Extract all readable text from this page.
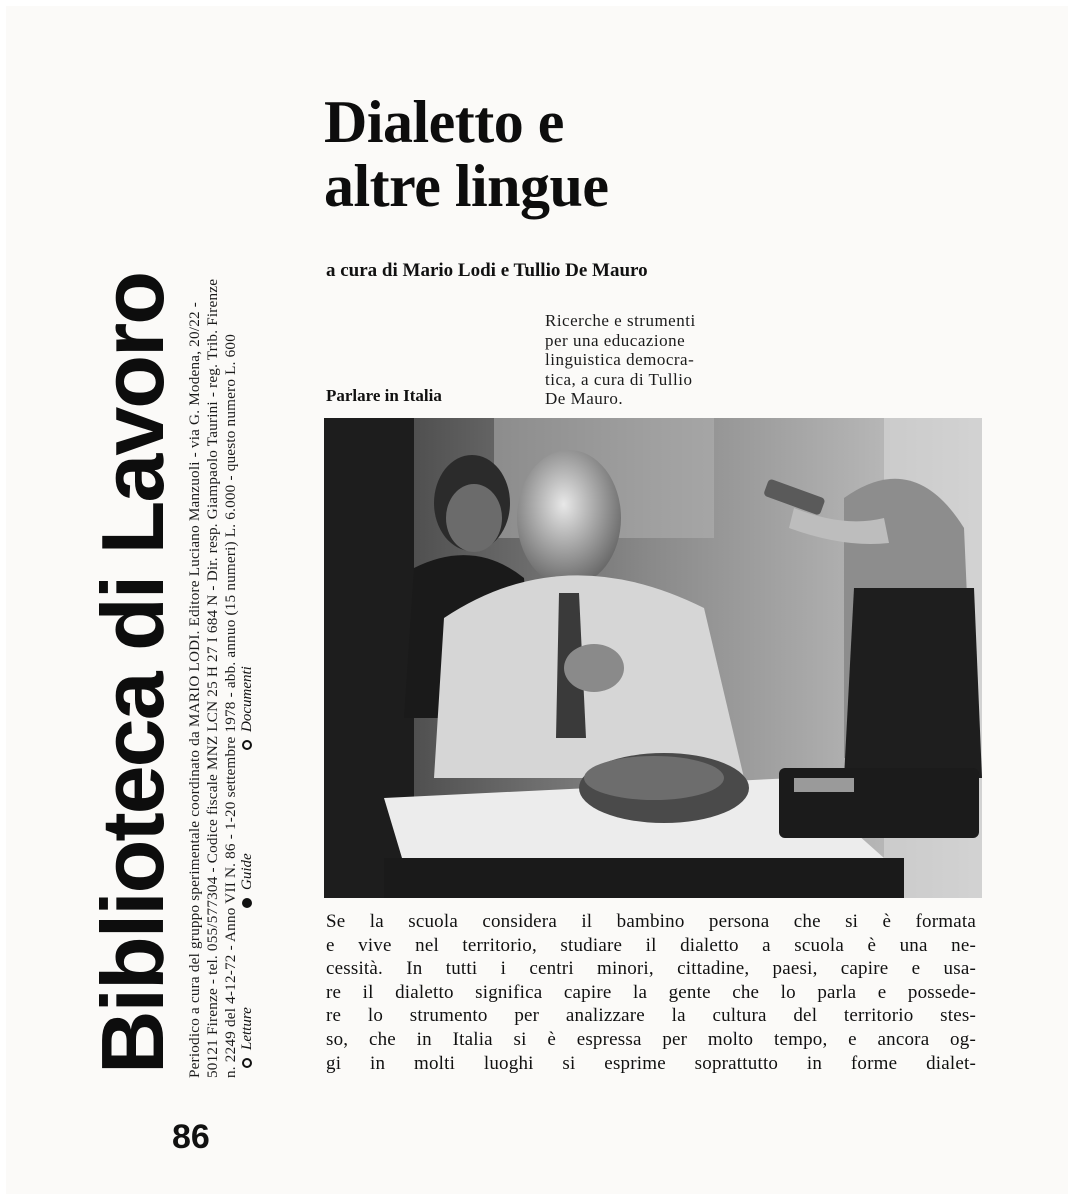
Biblioteca di Lavoro Periodico a cura del gruppo sperimentale coordinato da MARIO LODI. Editore Luciano Manzuoli - via G. Modena, 20/22 - 50121 Firenze - tel. 055/577304 - Codice fiscale MNZ LCN 25 H 27 I 684 N - Dir. resp. Giampaolo Taurini - reg. Trib. Firenze n. 2249 del 4-12-72 - Anno VII N. 86 - 1-20 settembre 1978 - abb. annuo (15 numeri) L. 6.000 - questo numero L. 600 Letture
Guide
Documenti
86
Dialetto e
altre lingue
a cura di Mario Lodi e Tullio De Mauro
Ricerche e strumenti
per una educazione
linguistica democra-
tica, a cura di Tullio
De Mauro.
Parlare in Italia
Se la scuola considera il bambino persona che si è formata
e vive nel territorio, studiare il dialetto a scuola è una ne-
cessità. In tutti i centri minori, cittadine, paesi, capire e usa-
re il dialetto significa capire la gente che lo parla e possede-
re lo strumento per analizzare la cultura del territorio stes-
so, che in Italia si è espressa per molto tempo, e ancora og-
gi in molti luoghi si esprime soprattutto in forme dialet-
